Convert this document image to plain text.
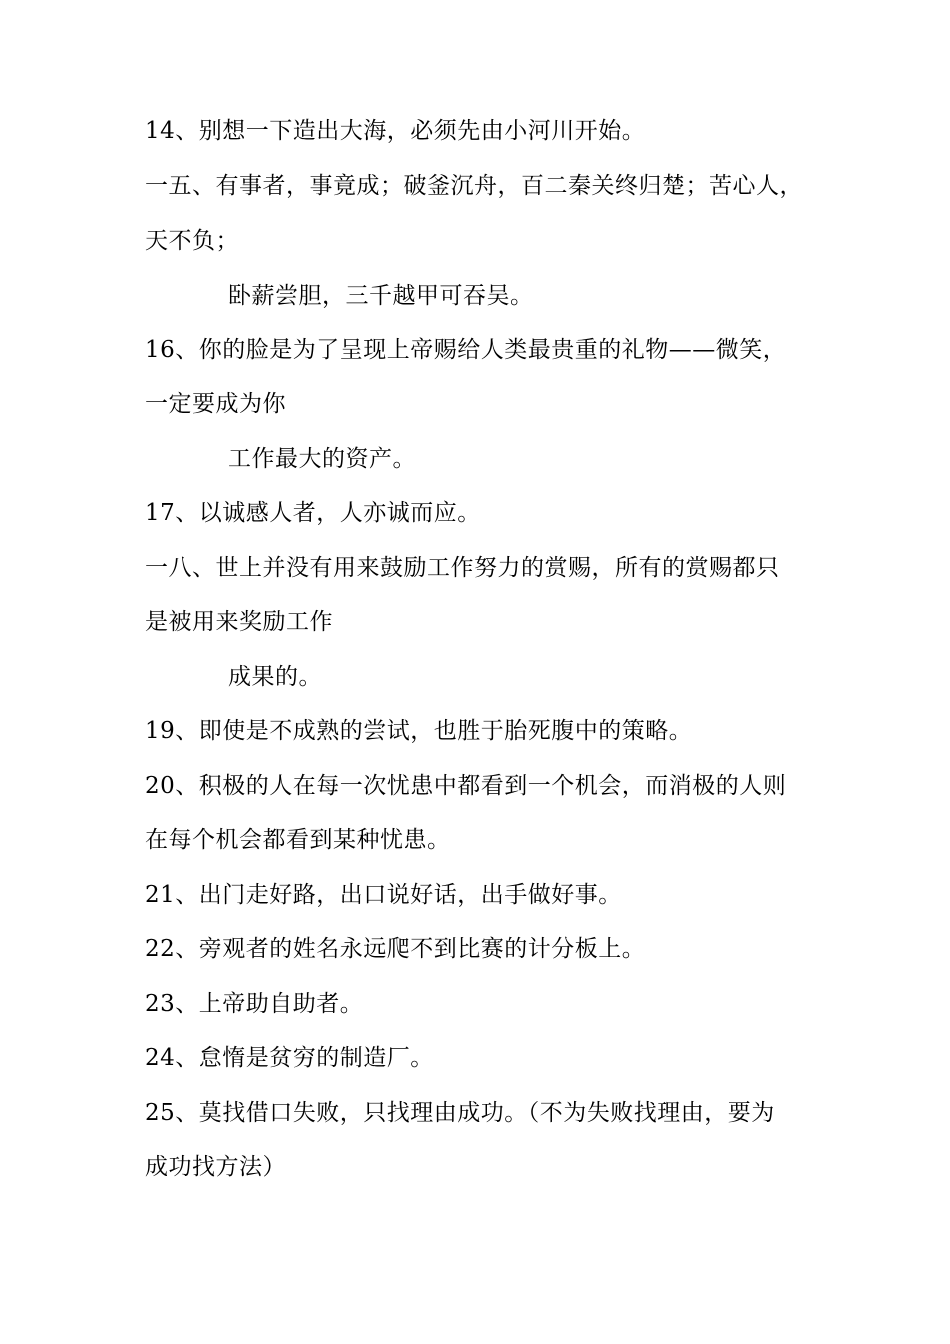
14、别想一下造出大海，必须先由小河川开始。
一五、有事者，事竟成；破釜沉舟，百二秦关终归楚；苦心人，
天不负；
卧薪尝胆，三千越甲可吞吴。
16、你的脸是为了呈现上帝赐给人类最贵重的礼物——微笑，
一定要成为你
工作最大的资产。
17、以诚感人者，人亦诚而应。
一八、世上并没有用来鼓励工作努力的赏赐，所有的赏赐都只
是被用来奖励工作
成果的。
19、即使是不成熟的尝试，也胜于胎死腹中的策略。
20、积极的人在每一次忧患中都看到一个机会，而消极的人则
在每个机会都看到某种忧患。
21、出门走好路，出口说好话，出手做好事。
22、旁观者的姓名永远爬不到比赛的计分板上。
23、上帝助自助者。
24、怠惰是贫穷的制造厂。
25、莫找借口失败，只找理由成功。（不为失败找理由，要为
成功找方法）
